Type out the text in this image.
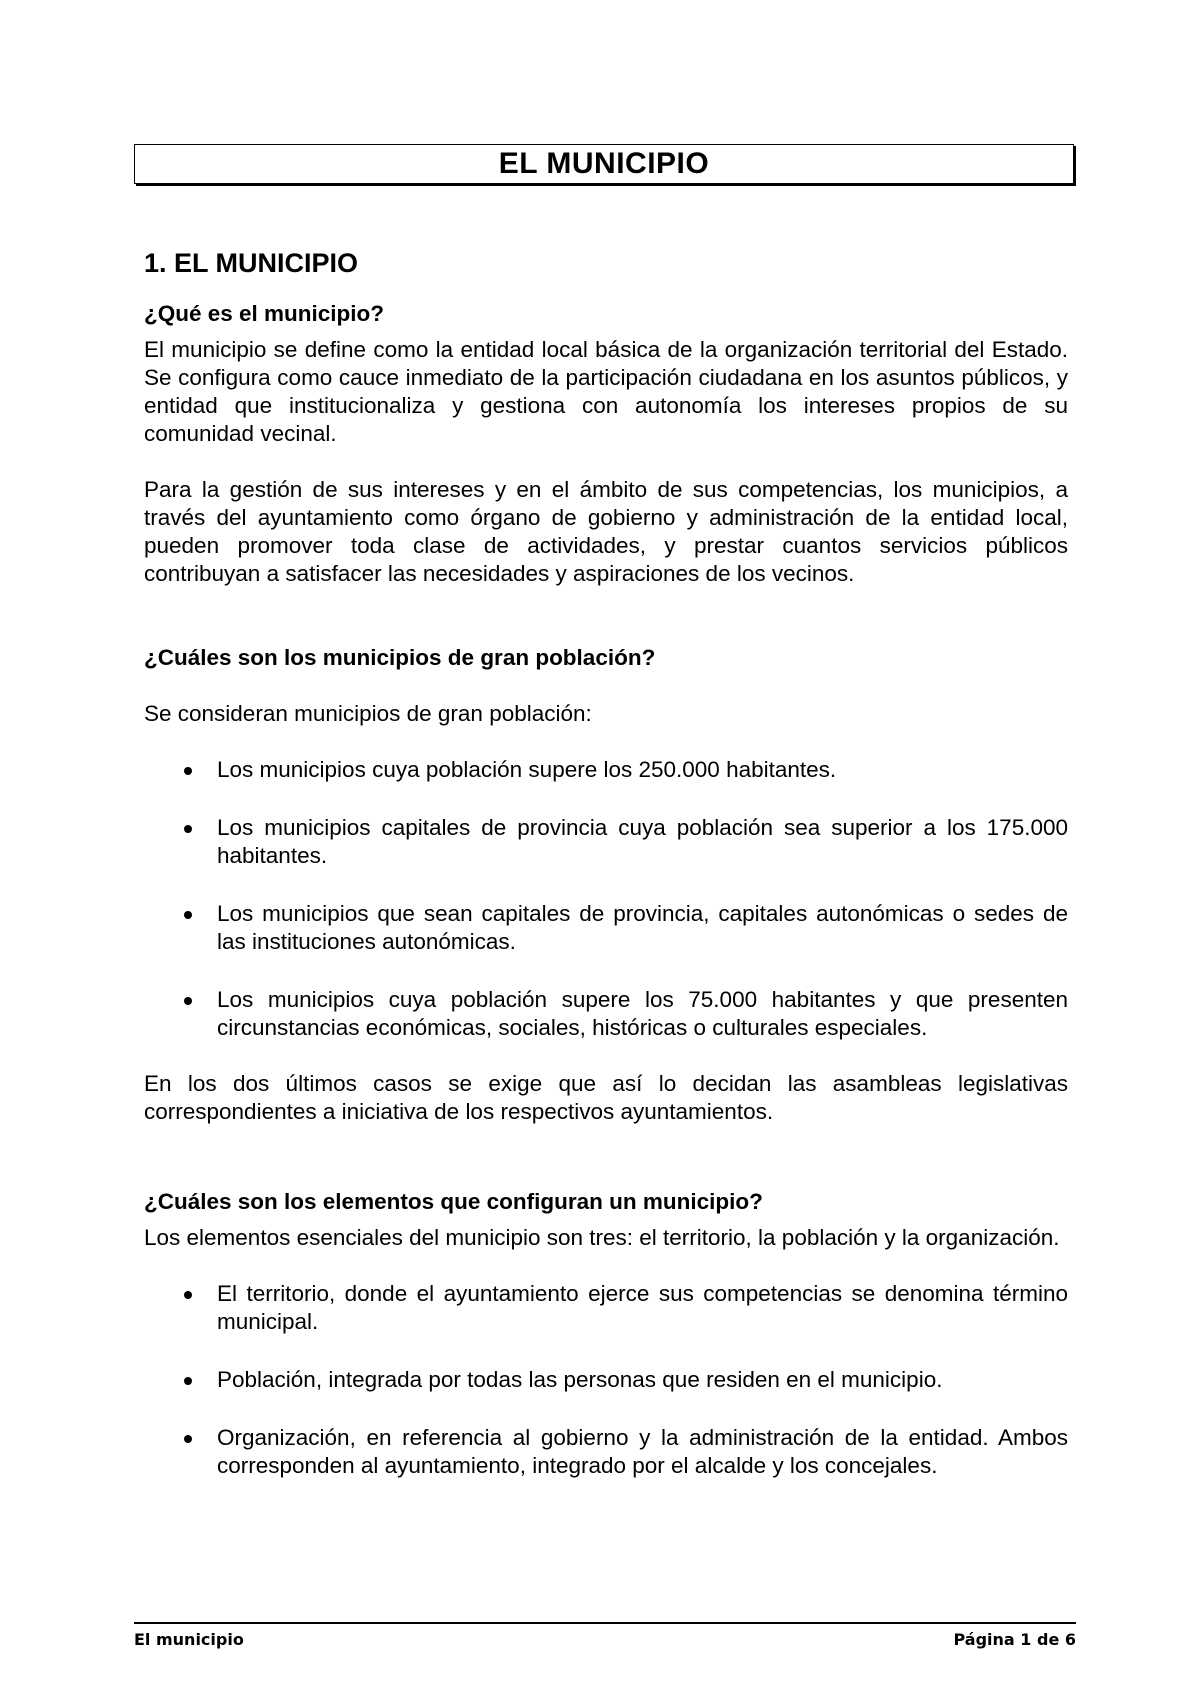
EL MUNICIPIO
1. EL MUNICIPIO
¿Qué es el municipio?

El municipio se define como la entidad local básica de la organización territorial del Estado. Se configura como cauce inmediato de la participación ciudadana en los asuntos públicos, y entidad que institucionaliza y gestiona con autonomía los intereses propios de su comunidad vecinal.

Para la gestión de sus intereses y en el ámbito de sus competencias, los municipios, a través del ayuntamiento como órgano de gobierno y administración de la entidad local, pueden promover toda clase de actividades, y prestar cuantos servicios públicos contribuyan a satisfacer las necesidades y aspiraciones de los vecinos.

¿Cuáles son los municipios de gran población?

Se consideran municipios de gran población:

Los municipios cuya población supere los 250.000 habitantes.
Los municipios capitales de provincia cuya población sea superior a los 175.000 habitantes.
Los municipios que sean capitales de provincia, capitales autonómicas o sedes de las instituciones autonómicas.
Los municipios cuya población supere los 75.000 habitantes y que presenten circunstancias económicas, sociales, históricas o culturales especiales.

En los dos últimos casos se exige que así lo decidan las asambleas legislativas correspondientes a iniciativa de los respectivos ayuntamientos.

¿Cuáles son los elementos que configuran un municipio?

Los elementos esenciales del municipio son tres: el territorio, la población y la organización.

El territorio, donde el ayuntamiento ejerce sus competencias se denomina término municipal.
Población, integrada por todas las personas que residen en el municipio.
Organización, en referencia al gobierno y la administración de la entidad. Ambos corresponden al ayuntamiento, integrado por el alcalde y los concejales.
El municipio	Página 1 de 6
